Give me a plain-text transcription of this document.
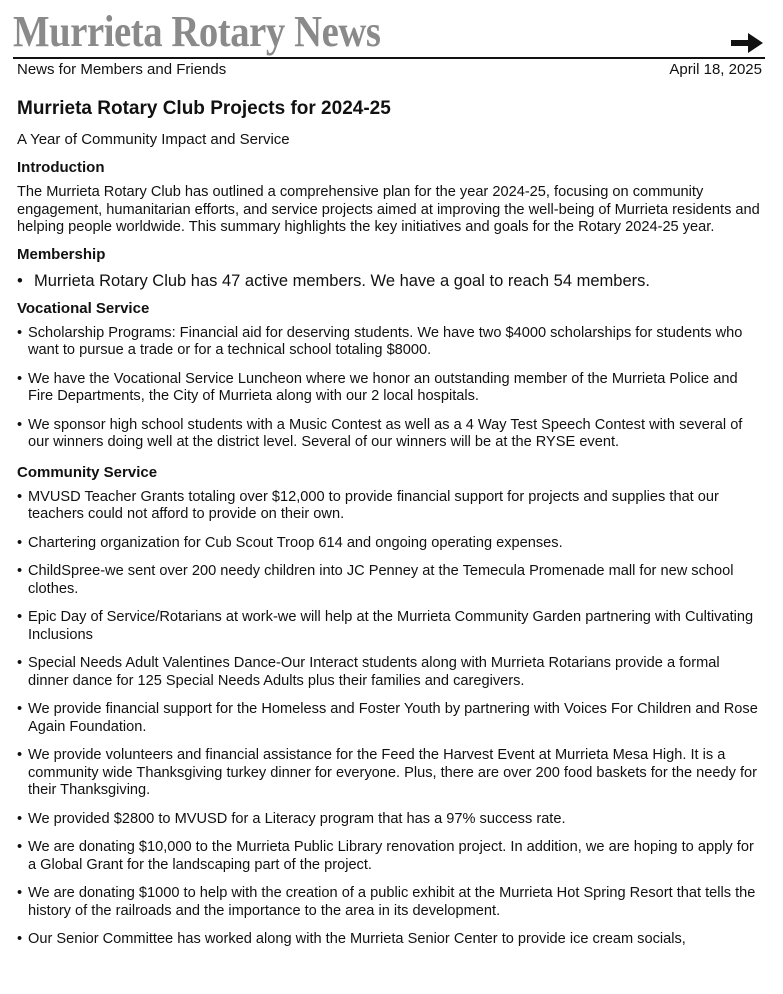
Murrieta Rotary News
News for Members and Friends	April 18, 2025
Murrieta Rotary Club Projects for 2024-25
A Year of Community Impact and Service
Introduction

The Murrieta Rotary Club has outlined a comprehensive plan for the year 2024-25, focusing on community engagement, humanitarian efforts, and service projects aimed at improving the well-being of Murrieta residents and helping people worldwide. This summary highlights the key initiatives and goals for the Rotary 2024-25 year.

Membership
• Murrieta Rotary Club has 47 active members. We have a goal to reach 54 members.
Vocational Service
• Scholarship Programs: Financial aid for deserving students. We have two $4000 scholarships for students who want to pursue a trade or for a technical school totaling $8000.
• We have the Vocational Service Luncheon where we honor an outstanding member of the Murrieta Police and Fire Departments, the City of Murrieta along with our 2 local hospitals.
• We sponsor high school students with a Music Contest as well as a 4 Way Test Speech Contest with several of our winners doing well at the district level. Several of our winners will be at the RYSE event.
Community Service
• MVUSD Teacher Grants totaling over $12,000 to provide financial support for projects and supplies that our teachers could not afford to provide on their own.
• Chartering organization for Cub Scout Troop 614 and ongoing operating expenses.
• ChildSpree-we sent over 200 needy children into JC Penney at the Temecula Promenade mall for new school clothes.
• Epic Day of Service/Rotarians at work-we will help at the Murrieta Community Garden partnering with Cultivating Inclusions
• Special Needs Adult Valentines Dance-Our Interact students along with Murrieta Rotarians provide a formal dinner dance for 125 Special Needs Adults plus their families and caregivers.
• We provide financial support for the Homeless and Foster Youth by partnering with Voices For Children and Rose Again Foundation.
• We provide volunteers and financial assistance for the Feed the Harvest Event at Murrieta Mesa High. It is a community wide Thanksgiving turkey dinner for everyone. Plus, there are over 200 food baskets for the needy for their Thanksgiving.
• We provided $2800 to MVUSD for a Literacy program that has a 97% success rate.
• We are donating $10,000 to the Murrieta Public Library renovation project. In addition, we are hoping to apply for a Global Grant for the landscaping part of the project.
• We are donating $1000 to help with the creation of a public exhibit at the Murrieta Hot Spring Resort that tells the history of the railroads and the importance to the area in its development.
• Our Senior Committee has worked along with the Murrieta Senior Center to provide ice cream socials,
